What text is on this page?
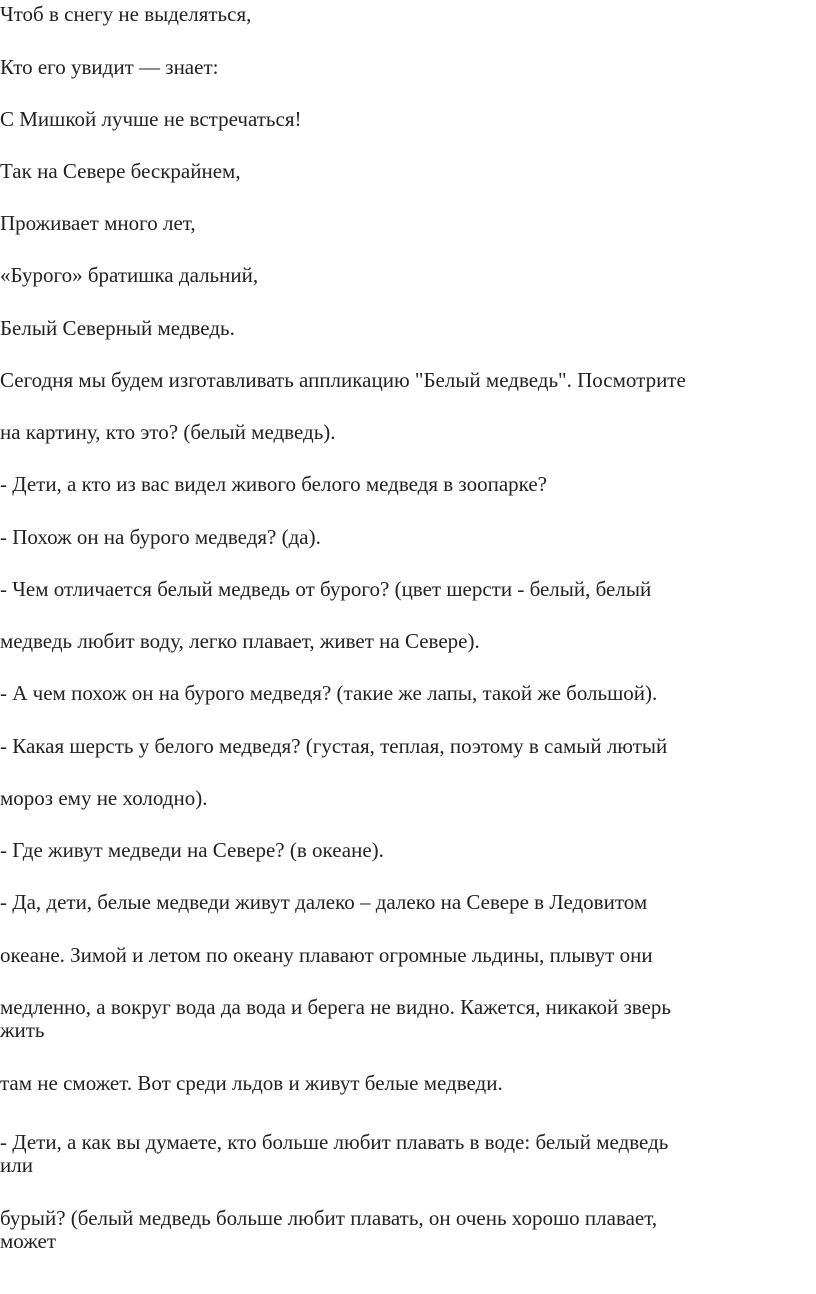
Чтоб в снегу не выделяться,

Кто его увидит — знает:

С Мишкой лучше не встречаться!

Так на Севере бескрайнем,

Проживает много лет,

«Бурого» братишка дальний,

Белый Северный медведь.

Сегодня мы будем изготавливать аппликацию "Белый медведь". Посмотрите

на картину, кто это? (белый медведь).

- Дети, а кто из вас видел живого белого медведя в зоопарке?

- Похож он на бурого медведя? (да).

- Чем отличается белый медведь от бурого? (цвет шерсти - белый, белый

медведь любит воду, легко плавает, живет на Севере).

- А чем похож он на бурого медведя? (такие же лапы, такой же большой).

- Какая шерсть у белого медведя? (густая, теплая, поэтому в самый лютый

мороз ему не холодно).

- Где живут медведи на Севере? (в океане).

- Да, дети, белые медведи живут далеко – далеко на Севере в Ледовитом

океане. Зимой и летом по океану плавают огромные льдины, плывут они

медленно, а вокруг вода да вода и берега не видно. Кажется, никакой зверь
жить

там не сможет. Вот среди льдов и живут белые медведи.

- Дети, а как вы думаете, кто больше любит плавать в воде: белый медведь
или

бурый? (белый медведь больше любит плавать, он очень хорошо плавает,
может
